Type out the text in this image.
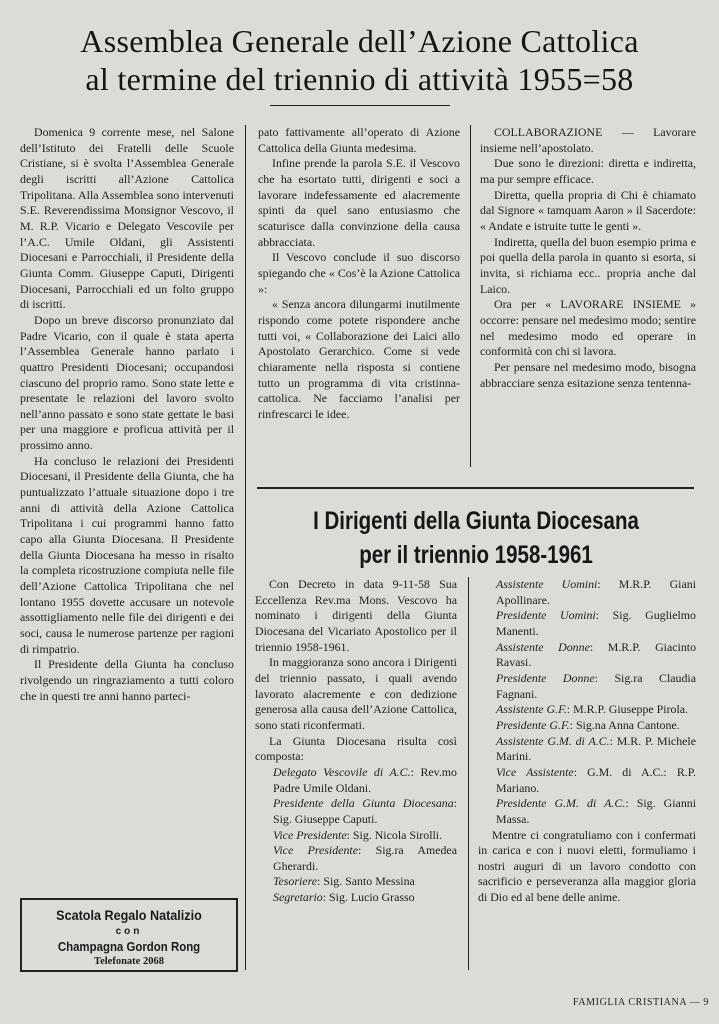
Assemblea Generale dell’Azione Cattolica
al termine del triennio di attività 1955=58

Domenica 9 corrente mese, nel Salone dell’Istituto dei Fratelli delle Scuole Cristiane, si è svolta l’Assemblea Generale degli iscritti all’Azione Cattolica Tripolitana. Alla Assemblea sono intervenuti S.E. Reverendissima Monsignor Vescovo, il M. R.P. Vicario e Delegato Vescovile per l’A.C. Umile Oldani, gli Assistenti Diocesani e Parrocchiali, il Presidente della Giunta Comm. Giuseppe Caputi, Dirigenti Diocesani, Parrocchiali ed un folto gruppo di iscritti.

Dopo un breve discorso pronunziato dal Padre Vicario, con il quale è stata aperta l’Assemblea Generale hanno parlato i quattro Presidenti Diocesani; occupandosi ciascuno del proprio ramo. Sono state lette e presentate le relazioni del lavoro svolto nell’anno passato e sono state gettate le basi per una maggiore e proficua attività per il prossimo anno.

Ha concluso le relazioni dei Presidenti Diocesani, il Presidente della Giunta, che ha puntualizzato l’attuale situazione dopo i tre anni di attività della Azione Cattolica Tripolitana i cui programmi hanno fatto capo alla Giunta Diocesana. Il Presidente della Giunta Diocesana ha messo in risalto la completa ricostruzione compiuta nelle file dell’Azione Cattolica Tripolitana che nel lontano 1955 dovette accusare un notevole assottigliamento nelle file dei dirigenti e dei soci, causa le numerose partenze per ragioni di rimpatrio.

Il Presidente della Giunta ha concluso rivolgendo un ringraziamento a tutti coloro che in questi tre anni hanno parteci-

pato fattivamente all’operato di Azione Cattolica della Giunta medesima.

Infine prende la parola S.E. il Vescovo che ha esortato tutti, dirigenti e soci a lavorare indefessamente ed alacremente spinti da quel sano entusiasmo che scaturisce dalla convinzione della causa abbracciata.

Il Vescovo conclude il suo discorso spiegando che « Cos’è la Azione Cattolica »:

« Senza ancora dilungarmi inutilmente rispondo come potete rispondere anche tutti voi, « Collaborazione dei Laici allo Apostolato Gerarchico. Come si vede chiaramente nella risposta si contiene tutto un programma di vita cristinna-cattolica. Ne facciamo l’analisi per rinfrescarci le idee.

COLLABORAZIONE — Lavorare insieme nell’apostolato.

Due sono le direzioni: diretta e indiretta, ma pur sempre efficace.

Diretta, quella propria di Chi è chiamato dal Signore « tamquam Aaron » il Sacerdote: « Andate e istruite tutte le genti ».

Indiretta, quella del buon esempio prima e poi quella della parola in quanto si esorta, si invita, si richiama ecc.. propria anche dal Laico.

Ora per « LAVORARE INSIEME » occorre: pensare nel medesimo modo; sentire nel medesimo modo ed operare in conformità con chi si lavora.

Per pensare nel medesimo modo, bisogna abbracciare senza esitazione senza tentenna-

I Dirigenti della Giunta Diocesana
per il triennio 1958-1961

Con Decreto in data 9-11-58 Sua Eccellenza Rev.ma Mons. Vescovo ha nominato i dirigenti della Giunta Diocesana del Vicariato Apostolico per il triennio 1958-1961.

In maggioranza sono ancora i Dirigenti del triennio passato, i quali avendo lavorato alacremente e con dedizione generosa alla causa dell’Azione Cattolica, sono stati riconfermati.

La Giunta Diocesana risulta così composta:

Delegato Vescovile di A.C.: Rev.mo Padre Umile Oldani.

Presidente della Giunta Diocesana: Sig. Giuseppe Caputi.

Vice Presidente: Sig. Nicola Sirolli.

Vice Presidente: Sig.ra Amedea Gherardi.

Tesoriere: Sig. Santo Messina

Segretario: Sig. Lucio Grasso

Assistente Uomini: M.R.P. Giani Apollinare.

Presidente Uomini: Sig. Guglielmo Manenti.

Assistente Donne: M.R.P. Giacinto Ravasi.

Presidente Donne: Sig.ra Claudia Fagnani.

Assistente G.F.: M.R.P. Giuseppe Pirola.

Presidente G.F.: Sig.na Anna Cantone.

Assistente G.M. di A.C.: M.R. P. Michele Marini.

Vice Assistente: G.M. di A.C.: R.P. Mariano.

Presidente G.M. di A.C.: Sig. Gianni Massa.

Mentre ci congratuliamo con i confermati in carica e con i nuovi eletti, formuliamo i nostri auguri di un lavoro condotto con sacrificio e perseveranza alla maggior gloria di Dio ed al bene delle anime.

Scatola Regalo Natalizio
con
Champagna Gordon Rong
Telefonate 2068
FAMIGLIA CRISTIANA — 9
